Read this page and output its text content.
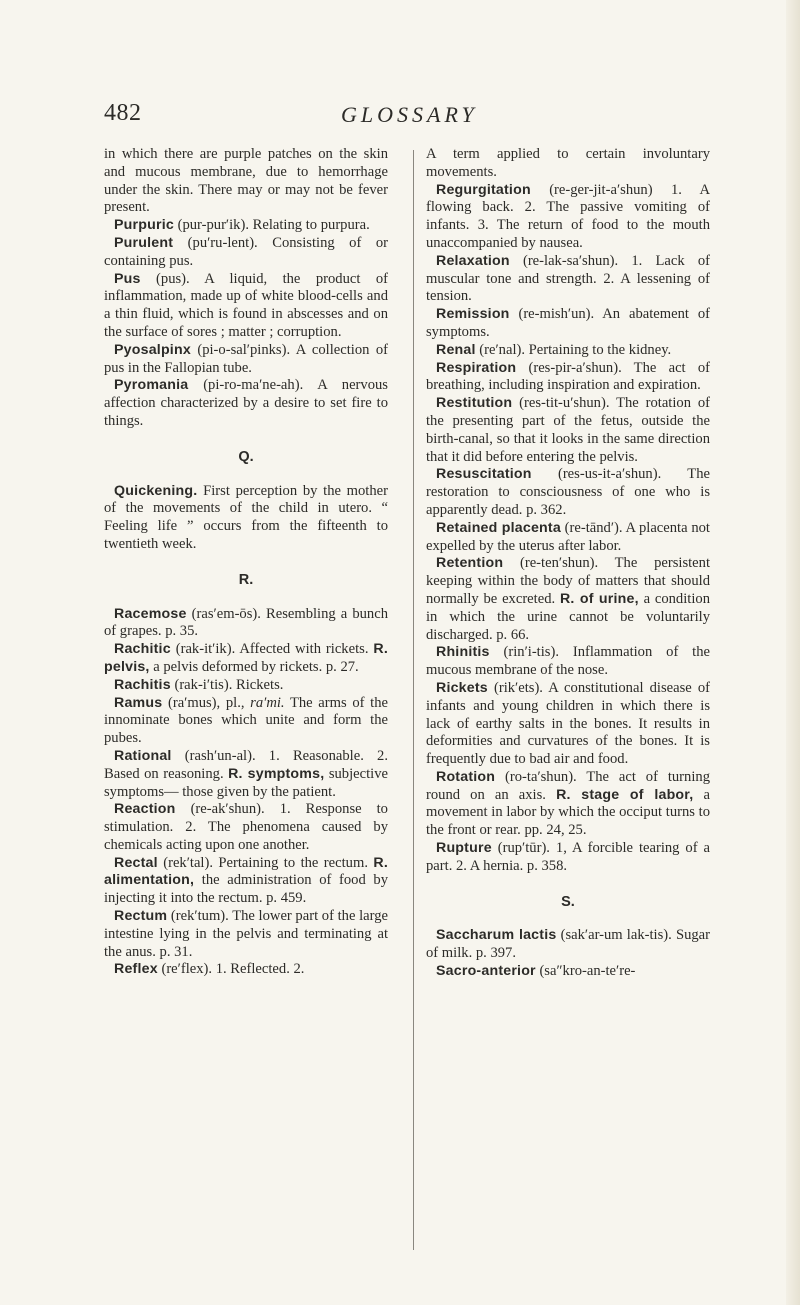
482	GLOSSARY

in which there are purple patches on the skin and mucous membrane, due to hemorrhage under the skin. There may or may not be fever present.

Purpuric (pur-pur′ik). Relating to purpura.

Purulent (pu′ru-lent). Consisting of or containing pus.

Pus (pus). A liquid, the product of inflammation, made up of white blood-cells and a thin fluid, which is found in abscesses and on the surface of sores ; matter ; corruption.

Pyosalpinx (pi-o-sal′pinks). A collection of pus in the Fallopian tube.

Pyromania (pi-ro-ma′ne-ah). A nervous affection characterized by a desire to set fire to things.

Q.

Quickening. First perception by the mother of the movements of the child in utero. “ Feeling life ” occurs from the fifteenth to twentieth week.

R.

Racemose (ras′em-ōs). Resembling a bunch of grapes. p. 35.

Rachitic (rak-it′ik). Affected with rickets. R. pelvis, a pelvis deformed by rickets. p. 27.

Rachitis (rak-i′tis). Rickets.

Ramus (ra′mus), pl., ra′mi. The arms of the innominate bones which unite and form the pubes.

Rational (rash′un-al). 1. Reasonable. 2. Based on reasoning. R. symptoms, subjective symptoms— those given by the patient.

Reaction (re-ak′shun). 1. Response to stimulation. 2. The phenomena caused by chemicals acting upon one another.

Rectal (rek′tal). Pertaining to the rectum. R. alimentation, the administration of food by injecting it into the rectum. p. 459.

Rectum (rek′tum). The lower part of the large intestine lying in the pelvis and terminating at the anus. p. 31.

Reflex (re′flex). 1. Reflected. 2.

A term applied to certain involuntary movements.

Regurgitation (re-ger-jit-a′shun) 1. A flowing back. 2. The passive vomiting of infants. 3. The return of food to the mouth unaccompanied by nausea.

Relaxation (re-lak-sa′shun). 1. Lack of muscular tone and strength. 2. A lessening of tension.

Remission (re-mish′un). An abatement of symptoms.

Renal (re′nal). Pertaining to the kidney.

Respiration (res-pir-a′shun). The act of breathing, including inspiration and expiration.

Restitution (res-tit-u′shun). The rotation of the presenting part of the fetus, outside the birth-canal, so that it looks in the same direction that it did before entering the pelvis.

Resuscitation (res-us-it-a′shun). The restoration to consciousness of one who is apparently dead. p. 362.

Retained placenta (re-tānd′). A placenta not expelled by the uterus after labor.

Retention (re-ten′shun). The persistent keeping within the body of matters that should normally be excreted. R. of urine, a condition in which the urine cannot be voluntarily discharged. p. 66.

Rhinitis (rin′i-tis). Inflammation of the mucous membrane of the nose.

Rickets (rik′ets). A constitutional disease of infants and young children in which there is lack of earthy salts in the bones. It results in deformities and curvatures of the bones. It is frequently due to bad air and food.

Rotation (ro-ta′shun). The act of turning round on an axis. R. stage of labor, a movement in labor by which the occiput turns to the front or rear. pp. 24, 25.

Rupture (rup′tūr). 1, A forcible tearing of a part. 2. A hernia. p. 358.

S.

Saccharum lactis (sak′ar-um lak-tis). Sugar of milk. p. 397.

Sacro-anterior (sa″kro-an-te′re-
